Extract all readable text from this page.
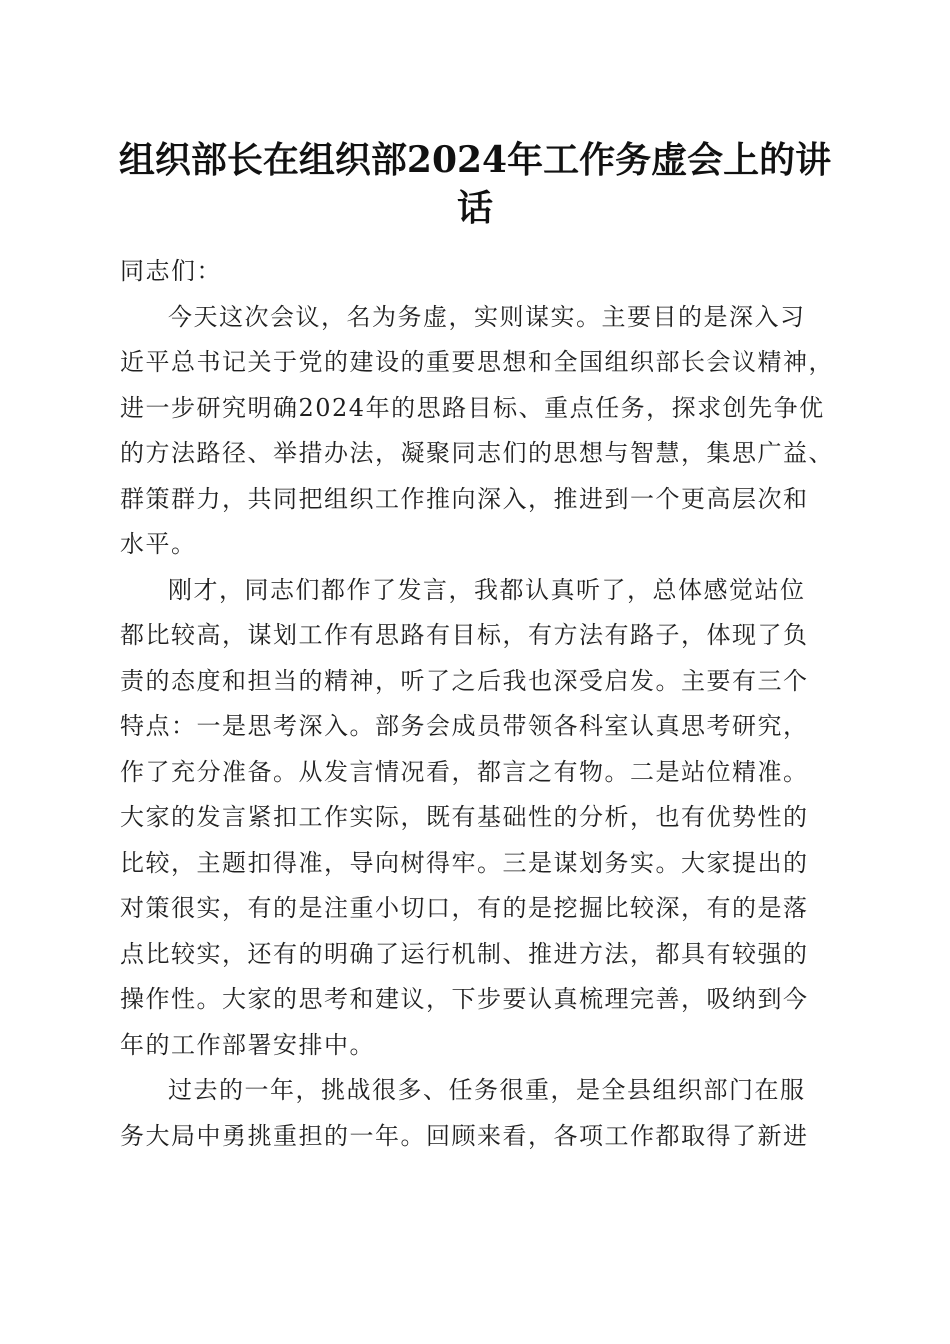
组织部长在组织部2024年工作务虚会上的讲
话
同志们：
今天这次会议，名为务虚，实则谋实。主要目的是深入习
近平总书记关于党的建设的重要思想和全国组织部长会议精神，
进一步研究明确2024年的思路目标、重点任务，探求创先争优
的方法路径、举措办法，凝聚同志们的思想与智慧，集思广益、
群策群力，共同把组织工作推向深入，推进到一个更高层次和
水平。
刚才，同志们都作了发言，我都认真听了，总体感觉站位
都比较高，谋划工作有思路有目标，有方法有路子，体现了负
责的态度和担当的精神，听了之后我也深受启发。主要有三个
特点：一是思考深入。部务会成员带领各科室认真思考研究，
作了充分准备。从发言情况看，都言之有物。二是站位精准。
大家的发言紧扣工作实际，既有基础性的分析，也有优势性的
比较，主题扣得准，导向树得牢。三是谋划务实。大家提出的
对策很实，有的是注重小切口，有的是挖掘比较深，有的是落
点比较实，还有的明确了运行机制、推进方法，都具有较强的
操作性。大家的思考和建议，下步要认真梳理完善，吸纳到今
年的工作部署安排中。
过去的一年，挑战很多、任务很重，是全县组织部门在服
务大局中勇挑重担的一年。回顾来看，各项工作都取得了新进
